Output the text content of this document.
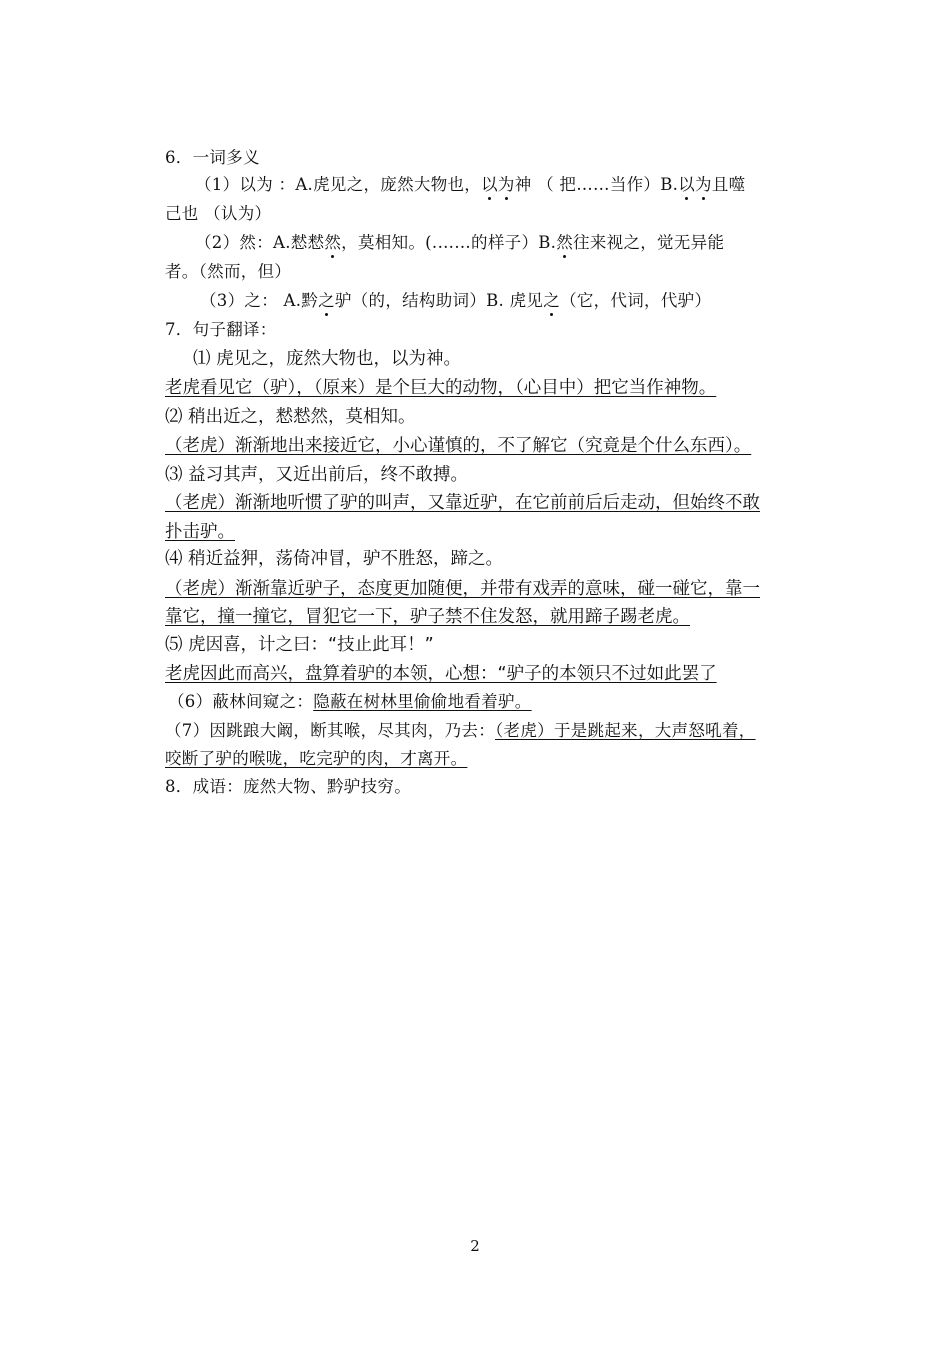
6．一词多义
（1）以为 ：A.虎见之，庞然大物也，以为神 （ 把……当作）B.以为且噬
己也 （认为）
（2）然：A.慭慭然，莫相知。(.……的样子）B.然往来视之，觉无异能
者。（然而，但）
（3）之： A.黔之驴（的，结构助词）B. 虎见之（它，代词，代驴）
7．句子翻译：
⑴ 虎见之，庞然大物也，以为神。
老虎看见它（驴），（原来）是个巨大的动物，（心目中）把它当作神物。
⑵ 稍出近之，慭慭然，莫相知。
（老虎）渐渐地出来接近它，小心谨慎的，不了解它（究竟是个什么东西）。
⑶ 益习其声，又近出前后，终不敢搏。
（老虎）渐渐地听惯了驴的叫声，又靠近驴，在它前前后后走动，但始终不敢
扑击驴。
⑷ 稍近益狎，荡倚冲冒，驴不胜怒，蹄之。
（老虎）渐渐靠近驴子，态度更加随便，并带有戏弄的意味，碰一碰它，靠一
靠它，撞一撞它，冒犯它一下，驴子禁不住发怒，就用蹄子踢老虎。
⑸ 虎因喜，计之曰：“技止此耳！”
老虎因此而高兴，盘算着驴的本领，心想：“驴子的本领只不过如此罢了
（6）蔽林间窥之：隐蔽在树林里偷偷地看着驴。
（7）因跳踉大阚，断其喉，尽其肉，乃去：（老虎）于是跳起来，大声怒吼着，
咬断了驴的喉咙，吃完驴的肉，才离开。
8．成语：庞然大物、黔驴技穷。
2
